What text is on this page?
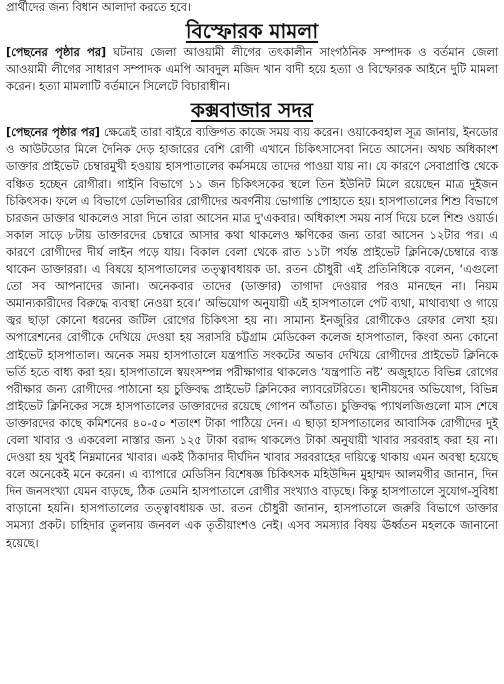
প্রার্থীদের জন্য বিধান আলাদা করতে হবে।

বিস্ফোরক মামলা

[পেছনের পৃষ্ঠার পর] ঘটনায় জেলা আওয়ামী লীগের তৎকালীন সাংগঠনিক সম্পাদক ও বর্তমান জেলা আওয়ামী লীগের সাধারণ সম্পাদক এমপি আবদুল মজিদ খান বাদী হয়ে হত্যা ও বিস্ফোরক আইনে দুটি মামলা করেন। হত্যা মামলাটি বর্তমানে সিলেটে বিচারাধীন।

কক্সবাজার সদর

[পেছনের পৃষ্ঠার পর] ক্ষেত্রেই তারা বাইরে ব্যক্তিগত কাজে সময় ব্যয় করেন। ওয়াকেবহাল সূত্র জানায়, ইনডোর ও আউটডোর মিলে দৈনিক দেড় হাজারের বেশি রোগী এখানে চিকিৎসাসেবা নিতে আসেন। অথচ অধিকাংশ ডাক্তার প্রাইভেট চেম্বারমুখী হওয়ায় হাসপাতালের কর্মসময়ে তাদের পাওয়া যায় না। যে কারণে সেবাপ্রাপ্তি থেকে বঞ্চিত হচ্ছেন রোগীরা। গাইনি বিভাগে ১১ জন চিকিৎসকের স্থলে তিন ইউনিট মিলে রয়েছেন মাত্র দুইজন চিকিৎসক। ফলে এ বিভাগে ডেলিভারির রোগীদের অবর্ণনীয় ভোগান্তি পোহাতে হয়। হাসপাতালের শিশু বিভাগে চারজন ডাক্তার থাকলেও সারা দিনে তারা আসেন মাত্র দু'একবার। অধিকাংশ সময় নার্স দিয়ে চলে শিশু ওয়ার্ড। সকাল সাড়ে ৮টায় ডাক্তারদের চেম্বারে আসার কথা থাকলেও ক্ষণিকের জন্য তারা আসেন ১২টার পর। এ কারণে রোগীদের দীর্ঘ লাইন পড়ে যায়। বিকাল বেলা থেকে রাত ১১টা পর্যন্ত প্রাইভেট ক্লিনিকে/চেম্বারে ব্যস্ত থাকেন ডাক্তাররা। এ বিষয়ে হাসপাতালের তত্ত্বাবধায়ক ডা. রতন চৌধুরী এই প্রতিনিধিকে বলেন, ‘এগুলো তো সব আপনাদের জানা। অনেকবার তাদের (ডাক্তার) তাগাদা দেওয়ার পরও মানছেন না। নিয়ম অমান্যকারীদের বিরুদ্ধে ব্যবস্থা নেওয়া হবে।’ অভিযোগ অনুযায়ী এই হাসপাতালে পেট ব্যথা, মাথাব্যথা ও গায়ে জ্বর ছাড়া কোনো ধরনের জটিল রোগের চিকিৎসা হয় না। সামান্য ইনজুরির রোগীকেও রেফার লেখা হয়। অপারেশনের রোগীকে দেখিয়ে দেওয়া হয় সরাসরি চট্টগ্রাম মেডিকেল কলেজ হাসপাতাল, কিংবা অন্য কোনো প্রাইভেট হাসপাতাল। অনেক সময় হাসপাতালে যন্ত্রপাতি সংকটের অভাব দেখিয়ে রোগীদের প্রাইভেট ক্লিনিকে ভর্তি হতে বাধ্য করা হয়। হাসপাতালে স্বয়ংসম্পন্ন পরীক্ষাগার থাকলেও ‘যন্ত্রপাতি নষ্ট’ অজুহাতে বিভিন্ন রোগের পরীক্ষার জন্য রোগীদের পাঠানো হয় চুক্তিবদ্ধ প্রাইভেট ক্লিনিকের ল্যাবরেটরিতে। স্থানীয়দের অভিযোগ, বিভিন্ন প্রাইভেট ক্লিনিকের সঙ্গে হাসপাতালের ডাক্তারদের রয়েছে গোপন আঁতাত। চুক্তিবদ্ধ প্যাথলজিগুলো মাস শেষে ডাক্তারদের কাছে কমিশনের ৪০-৫০ শতাংশ টাকা পাঠিয়ে দেন। এ ছাড়া হাসপাতালের আবাসিক রোগীদের দুই বেলা খাবার ও একবেলা নাস্তার জন্য ১২৫ টাকা বরাদ্দ থাকলেও টাকা অনুযায়ী খাবার সরবরাহ করা হয় না। দেওয়া হয় খুবই নিম্নমানের খাবার। একই ঠিকাদার দীর্ঘদিন খাবার সরবরাহের দায়িত্বে থাকায় এমন অবস্থা হয়েছে বলে অনেকেই মনে করেন। এ ব্যাপারে মেডিসিন বিশেষজ্ঞ চিকিৎসক মহিউদ্দিন মুহাম্মদ আলমগীর জানান, দিন দিন জনসংখ্যা যেমন বাড়ছে, ঠিক তেমনি হাসপাতালে রোগীর সংখ্যাও বাড়ছে। কিন্তু হাসপাতালে সুযোগ-সুবিধা বাড়ানো হয়নি। হাসপাতালের তত্ত্বাবধায়ক ডা. রতন চৌধুরী জানান, হাসপাতালে জরুরি বিভাগে ডাক্তার সমস্যা প্রকট। চাহিদার তুলনায় জনবল এক তৃতীয়াংশও নেই। এসব সমস্যার বিষয় ঊর্ধ্বতন মহলকে জানানো হয়েছে।
